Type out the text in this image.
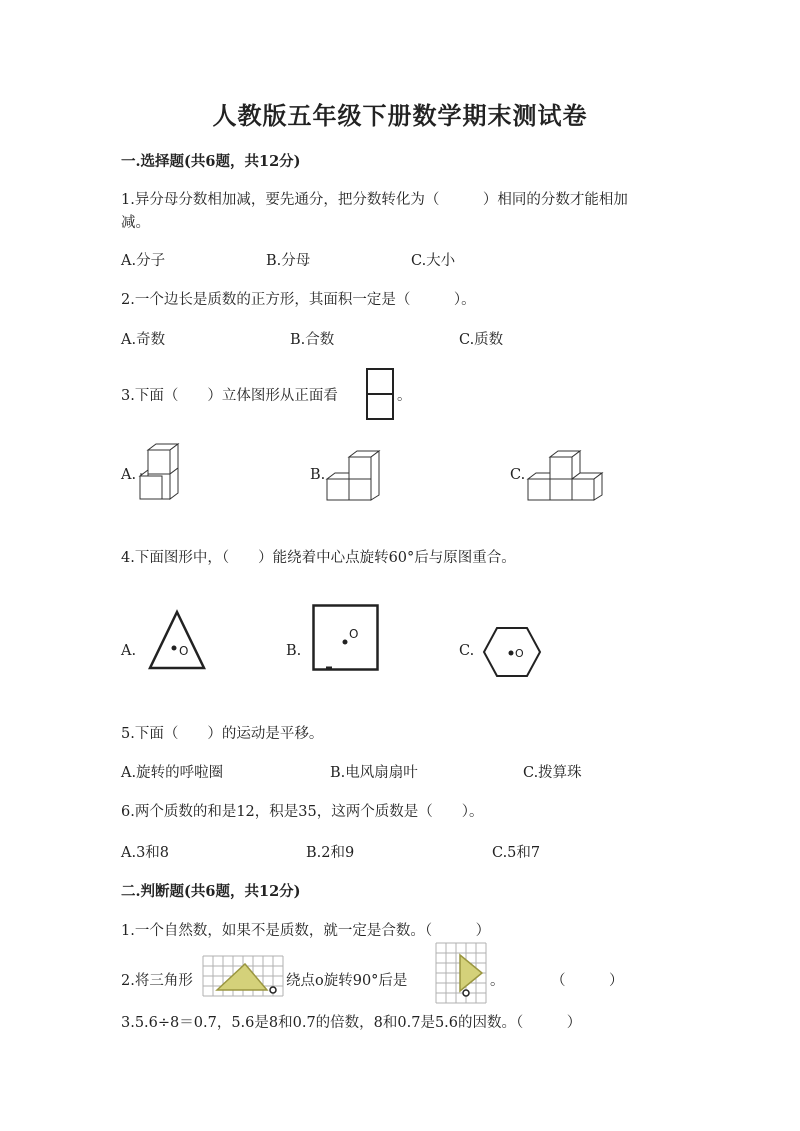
人教版五年级下册数学期末测试卷
一.选择题(共6题，共12分)
1.异分母分数相加减，要先通分，把分数转化为（　　　）相同的分数才能相加
减。
A.分子	B.分母	C.大小
2.一个边长是质数的正方形，其面积一定是（　　　）。
A.奇数	B.合数	C.质数
3.下面（　　）立体图形从正面看	。
A.	B.	C.
4.下面图形中，（　　）能绕着中心点旋转60°后与原图重合。
A.	O	B.
O
C.	O
5.下面（　　）的运动是平移。
A.旋转的呼啦圈	B.电风扇扇叶	C.拨算珠
6.两个质数的和是12，积是35，这两个质数是（　　）。
A.3和8	B.2和9	C.5和7
二.判断题(共6题，共12分)
1.一个自然数，如果不是质数，就一定是合数。（　　　）
2.将三角形	绕点o旋转90°后是	。	（　　　）
3.5.6÷8＝0.7，5.6是8和0.7的倍数，8和0.7是5.6的因数。（　　　）
